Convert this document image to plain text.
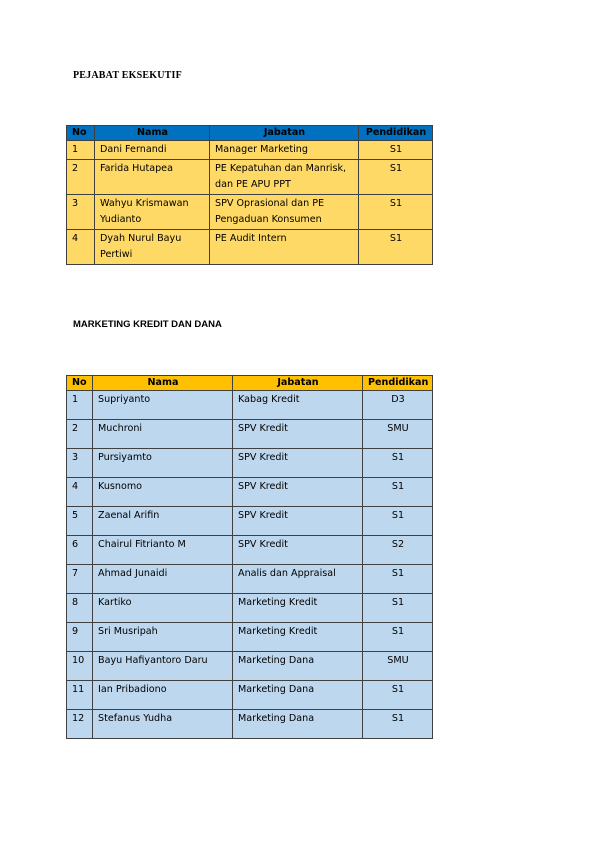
PEJABAT EKSEKUTIF
No	Nama	Jabatan	Pendidikan
1	Dani Fernandi	Manager Marketing	S1
2	Farida Hutapea	PE Kepatuhan dan Manrisk, dan PE APU PPT	S1
3	Wahyu Krismawan Yudianto	SPV Oprasional dan PE Pengaduan Konsumen	S1
4	Dyah Nurul Bayu Pertiwi	PE Audit Intern	S1
MARKETING KREDIT DAN DANA
No	Nama	Jabatan	Pendidikan
1	Supriyanto	Kabag Kredit	D3
2	Muchroni	SPV Kredit	SMU
3	Pursiyamto	SPV Kredit	S1
4	Kusnomo	SPV Kredit	S1
5	Zaenal Arifin	SPV Kredit	S1
6	Chairul Fitrianto M	SPV Kredit	S2
7	Ahmad Junaidi	Analis dan Appraisal	S1
8	Kartiko	Marketing Kredit	S1
9	Sri Musripah	Marketing Kredit	S1
10	Bayu Hafiyantoro Daru	Marketing Dana	SMU
11	Ian Pribadiono	Marketing Dana	S1
12	Stefanus Yudha	Marketing Dana	S1
